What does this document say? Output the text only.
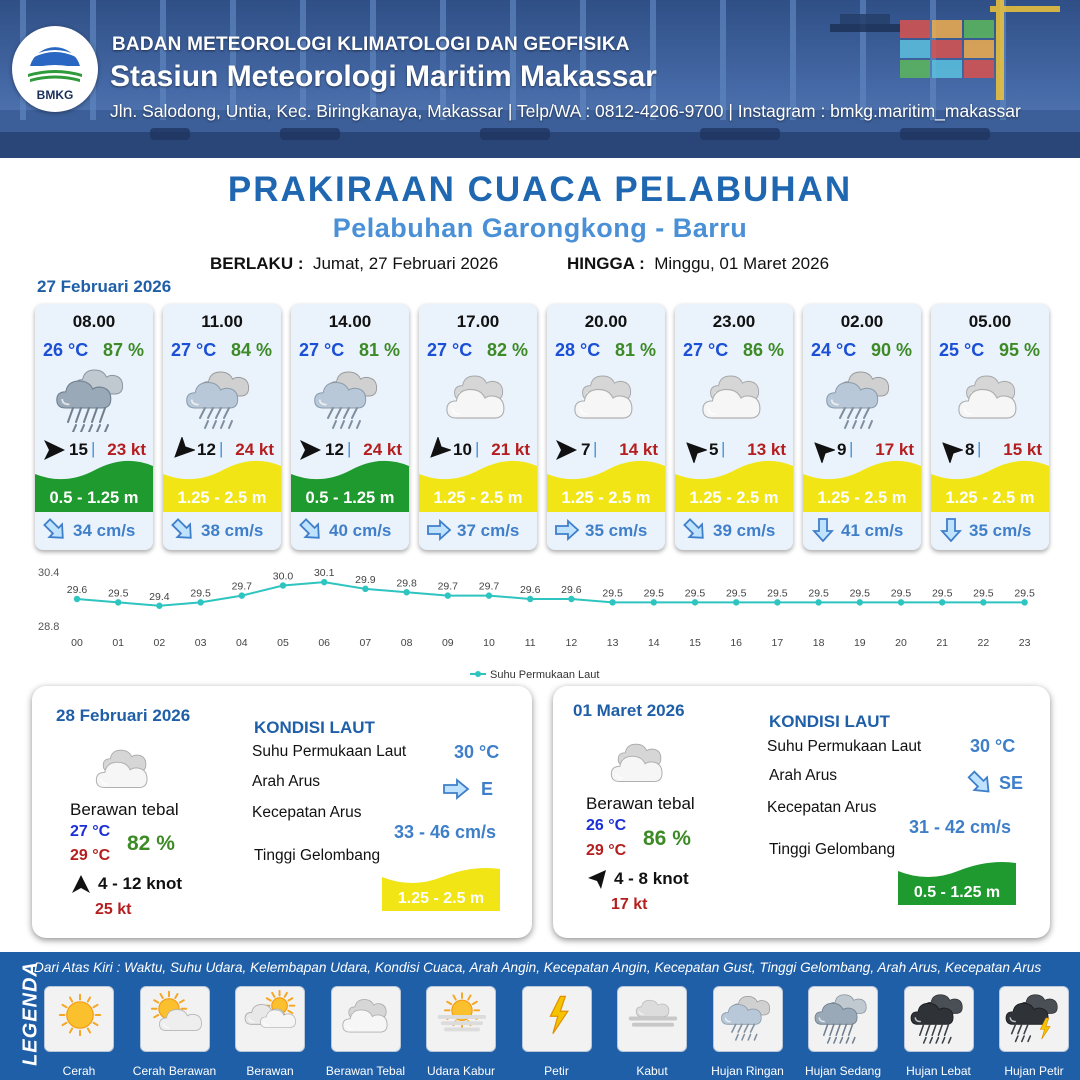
BMKG
BADAN METEOROLOGI KLIMATOLOGI DAN GEOFISIKA
Stasiun Meteorologi Maritim Makassar
Jln. Salodong, Untia, Kec. Biringkanaya, Makassar | Telp/WA : 0812-4206-9700 | Instagram : bmkg.maritim_makassar
PRAKIRAAN CUACA PELABUHAN
Pelabuhan Garongkong - Barru
BERLAKU : Jumat, 27 Februari 2026	HINGGA : Minggu, 01 Maret 2026
27 Februari 2026
08.00
26 °C 87 %
15 | 23 kt
0.5 - 1.25 m
34 cm/s
11.00
27 °C 84 %
12 | 24 kt
1.25 - 2.5 m
38 cm/s
14.00
27 °C 81 %
12 | 24 kt
0.5 - 1.25 m
40 cm/s
17.00
27 °C 82 %
10 | 21 kt
1.25 - 2.5 m
37 cm/s
20.00
28 °C 81 %
7 | 14 kt
1.25 - 2.5 m
35 cm/s
23.00
27 °C 86 %
5 | 13 kt
1.25 - 2.5 m
39 cm/s
02.00
24 °C 90 %
9 | 17 kt
1.25 - 2.5 m
41 cm/s
05.00
25 °C 95 %
8 | 15 kt
1.25 - 2.5 m
35 cm/s
30.4
28.8
29.6
00
29.5
01
29.4
02
29.5
03
29.7
04
30.0
05
30.1
06
29.9
07
29.8
08
29.7
09
29.7
10
29.6
11
29.6
12
29.5
13
29.5
14
29.5
15
29.5
16
29.5
17
29.5
18
29.5
19
29.5
20
29.5
21
29.5
22
29.5
23
Suhu Permukaan Laut
28 Februari 2026
Berawan tebal
27 °C
29 °C
82 %
4 - 12 knot
25 kt
KONDISI LAUT
Suhu Permukaan Laut	30 °C
Arah Arus	E
Kecepatan Arus
33 - 46 cm/s
Tinggi Gelombang
1.25 - 2.5 m
01 Maret 2026
Berawan tebal
26 °C
29 °C
86 %
4 - 8 knot
17 kt
KONDISI LAUT
Suhu Permukaan Laut	30 °C
Arah Arus	SE
Kecepatan Arus
31 - 42 cm/s
Tinggi Gelombang
0.5 - 1.25 m
LEGENDA
Dari Atas Kiri : Waktu, Suhu Udara, Kelembapan Udara, Kondisi Cuaca, Arah Angin, Kecepatan Angin, Kecepatan Gust, Tinggi Gelombang, Arah Arus, Kecepatan Arus
Cerah	Cerah Berawan	Berawan	Berawan Tebal	Udara Kabur	Petir	Kabut	Hujan Ringan	Hujan Sedang	Hujan Lebat	Hujan Petir
